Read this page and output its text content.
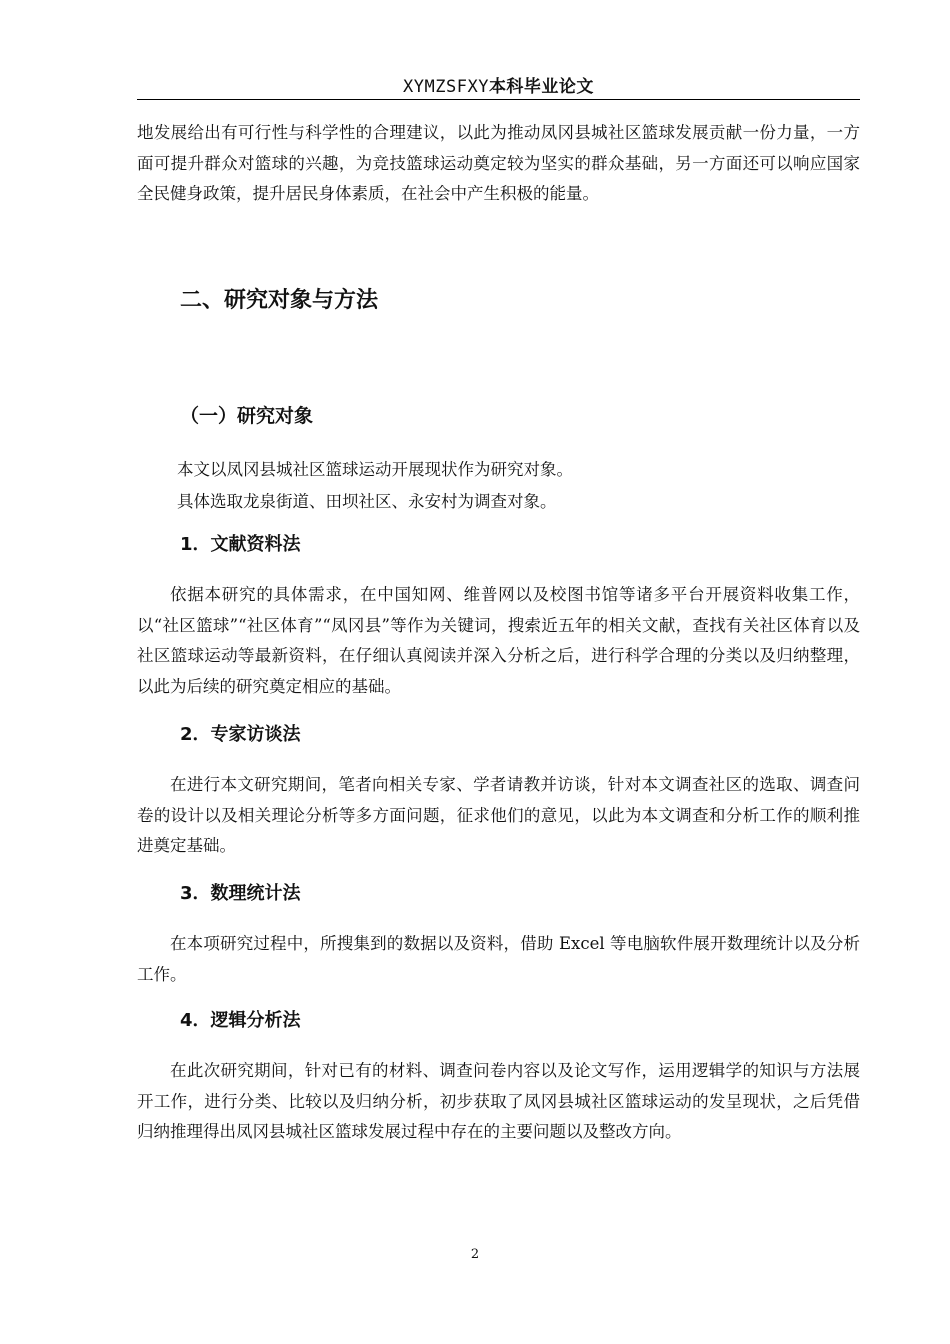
XYMZSFXY本科毕业论文

地发展给出有可行性与科学性的合理建议，以此为推动凤冈县城社区篮球发展贡献一份力量，一方面可提升群众对篮球的兴趣，为竞技篮球运动奠定较为坚实的群众基础，另一方面还可以响应国家全民健身政策，提升居民身体素质，在社会中产生积极的能量。

二、研究对象与方法
（一）研究对象

本文以凤冈县城社区篮球运动开展现状作为研究对象。

具体选取龙泉街道、田坝社区、永安村为调查对象。

1．文献资料法

依据本研究的具体需求，在中国知网、维普网以及校图书馆等诸多平台开展资料收集工作，以“社区篮球”“社区体育”“凤冈县”等作为关键词，搜索近五年的相关文献，查找有关社区体育以及社区篮球运动等最新资料，在仔细认真阅读并深入分析之后，进行科学合理的分类以及归纳整理，以此为后续的研究奠定相应的基础。

2．专家访谈法

在进行本文研究期间，笔者向相关专家、学者请教并访谈，针对本文调查社区的选取、调查问卷的设计以及相关理论分析等多方面问题，征求他们的意见，以此为本文调查和分析工作的顺利推进奠定基础。

3．数理统计法

在本项研究过程中，所搜集到的数据以及资料，借助 Excel 等电脑软件展开数理统计以及分析工作。

4．逻辑分析法

在此次研究期间，针对已有的材料、调查问卷内容以及论文写作，运用逻辑学的知识与方法展开工作，进行分类、比较以及归纳分析，初步获取了凤冈县城社区篮球运动的发呈现状，之后凭借归纳推理得出凤冈县城社区篮球发展过程中存在的主要问题以及整改方向。

2
